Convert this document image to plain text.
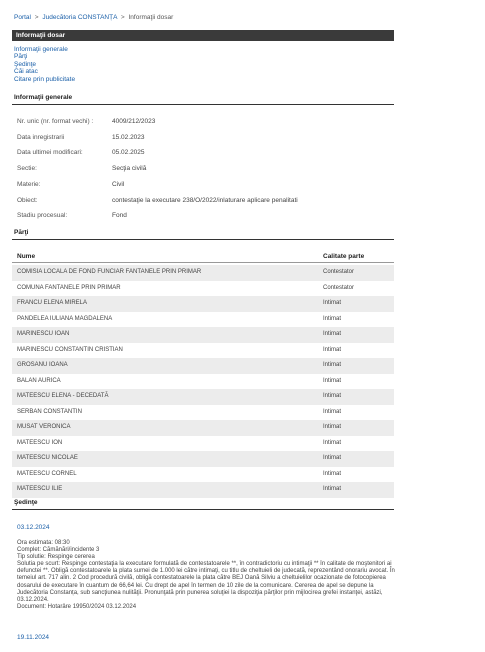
Portal > Judecătoria CONSTANȚA > Informaţii dosar
Informaţii dosar
Informaţii generale
Părţi
Şedinţe
Căi atac
Citare prin publicitate
Informaţii generale
Nr. unic (nr. format vechi) :	4009/212/2023
Data inregistrarii	15.02.2023
Data ultimei modificari:	05.02.2025
Sectie:	Secţia civilă
Materie:	Civil
Obiect:	contestaţie la executare 238/O/2022/inlaturare aplicare penalitati
Stadiu procesual:	Fond
Părţi
Nume	Calitate parte
COMISIA LOCALA DE FOND FUNCIAR FANTANELE PRIN PRIMAR	Contestator
COMUNA FANTANELE PRIN PRIMAR	Contestator
FRANCU ELENA MIRELA	Intimat
PANDELEA IULIANA MAGDALENA	Intimat
MARINESCU IOAN	Intimat
MARINESCU CONSTANTIN CRISTIAN	Intimat
GROSANU IOANA	Intimat
BALAN AURICA	Intimat
MATEESCU ELENA - DECEDATĂ	Intimat
SERBAN CONSTANTIN	Intimat
MUSAT VERONICA	Intimat
MATEESCU ION	Intimat
MATEESCU NICOLAE	Intimat
MATEESCU CORNEL	Intimat
MATEESCU ILIE	Intimat
Şedinţe
03.12.2024
Ora estimata: 08:30
Complet: Cămănări/incidente 3
Tip solutie: Respinge cererea
Solutia pe scurt: Respinge contestaţia la executare formulată de contestatoarele **, în contradictoriu cu intimaţii ** în calitate de moştenitori ai defunctei **. Obligă contestatoarele la plata sumei de 1.000 lei către intimaţi, cu titlu de cheltuieli de judecată, reprezentând onorariu avocat. În temeiul art. 717 alin. 2 Cod procedură civilă, obligă contestatoarele la plata către BEJ Oană Silviu a cheltuielilor ocazionate de fotocopierea dosarului de executare în cuantum de 66,64 lei. Cu drept de apel în termen de 10 zile de la comunicare. Cererea de apel se depune la Judecătoria Constanța, sub sancţiunea nulităţii. Pronunţată prin punerea soluţiei la dispoziţia părţilor prin mijlocirea grefei instanţei, astăzi, 03.12.2024.
Document: Hotarâre 19950/2024 03.12.2024
19.11.2024
